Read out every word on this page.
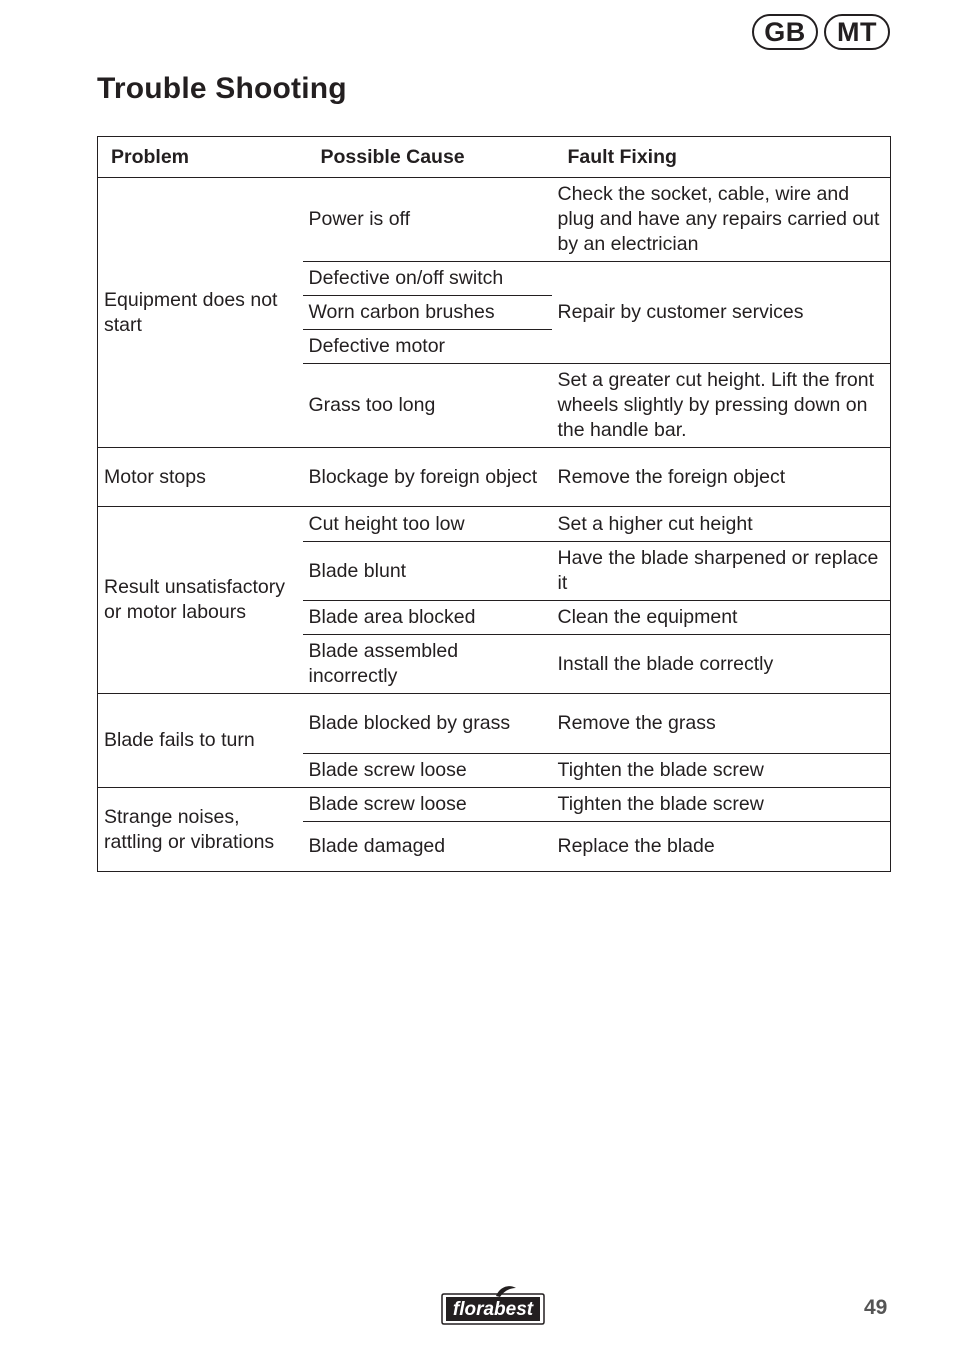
GB	MT
Trouble Shooting
Problem	Possible Cause	Fault Fixing
Equipment does not start	Power is off	Check the socket, cable, wire and plug and have any repairs carried out by an electrician
	Defective on/off switch	Repair by customer services
	Worn carbon brushes	
	Defective motor	
	Grass too long	Set a greater cut height. Lift the front wheels slightly by pressing down on the handle bar.
Motor stops	Blockage by foreign object	Remove the foreign object
Result unsatisfactory or motor labours	Cut height too low	Set a higher cut height
	Blade blunt	Have the blade sharpened or replace it
	Blade area blocked	Clean the equipment
	Blade assembled incorrectly	Install the blade correctly
Blade fails to turn	Blade blocked by grass	Remove the grass
	Blade screw loose	Tighten the blade screw
Strange noises, rattling or vibrations	Blade screw loose	Tighten the blade screw
	Blade damaged	Replace the blade
florabest	49
